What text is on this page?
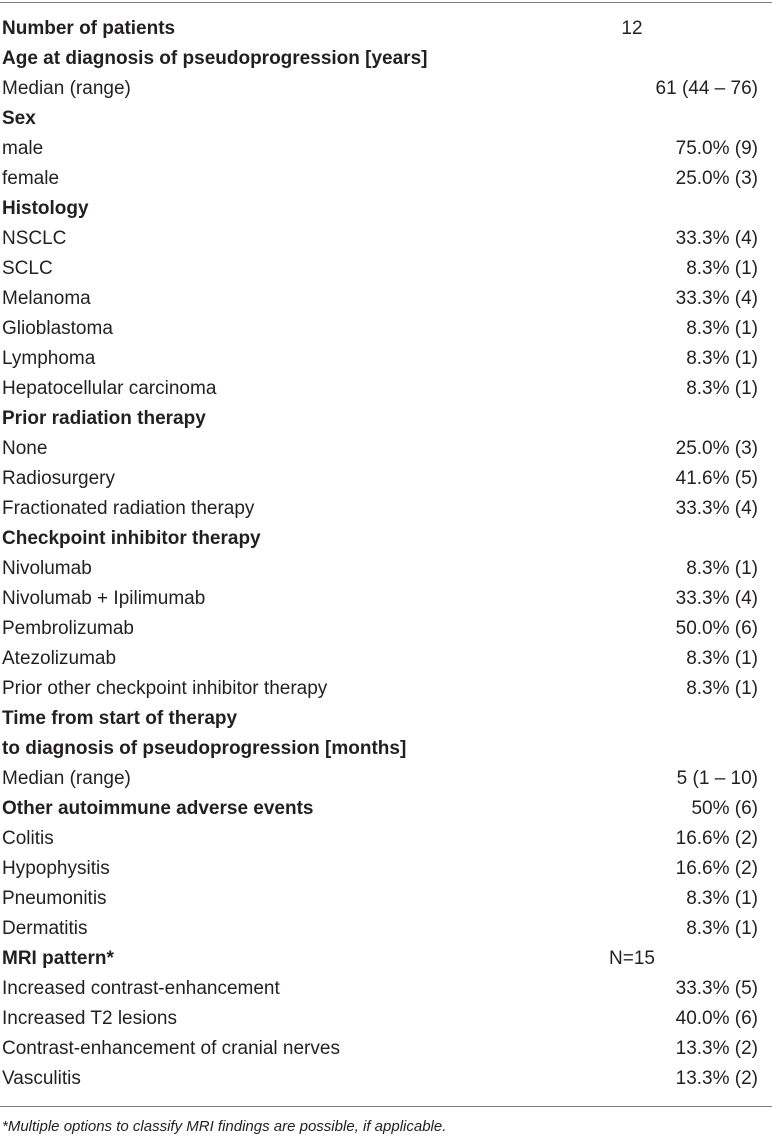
Number of patients	12
Age at diagnosis of pseudoprogression [years]	
Median (range)	61 (44 – 76)
Sex	
male	75.0% (9)
female	25.0% (3)
Histology	
NSCLC	33.3% (4)
SCLC	8.3% (1)
Melanoma	33.3% (4)
Glioblastoma	8.3% (1)
Lymphoma	8.3% (1)
Hepatocellular carcinoma	8.3% (1)
Prior radiation therapy	
None	25.0% (3)
Radiosurgery	41.6% (5)
Fractionated radiation therapy	33.3% (4)
Checkpoint inhibitor therapy	
Nivolumab	8.3% (1)
Nivolumab + Ipilimumab	33.3% (4)
Pembrolizumab	50.0% (6)
Atezolizumab	8.3% (1)
Prior other checkpoint inhibitor therapy	8.3% (1)
Time from start of therapy	
to diagnosis of pseudoprogression [months]	
Median (range)	5 (1 – 10)
Other autoimmune adverse events	50% (6)
Colitis	16.6% (2)
Hypophysitis	16.6% (2)
Pneumonitis	8.3% (1)
Dermatitis	8.3% (1)
MRI pattern*	N=15
Increased contrast-enhancement	33.3% (5)
Increased T2 lesions	40.0% (6)
Contrast-enhancement of cranial nerves	13.3% (2)
Vasculitis	13.3% (2)
*Multiple options to classify MRI findings are possible, if applicable.
